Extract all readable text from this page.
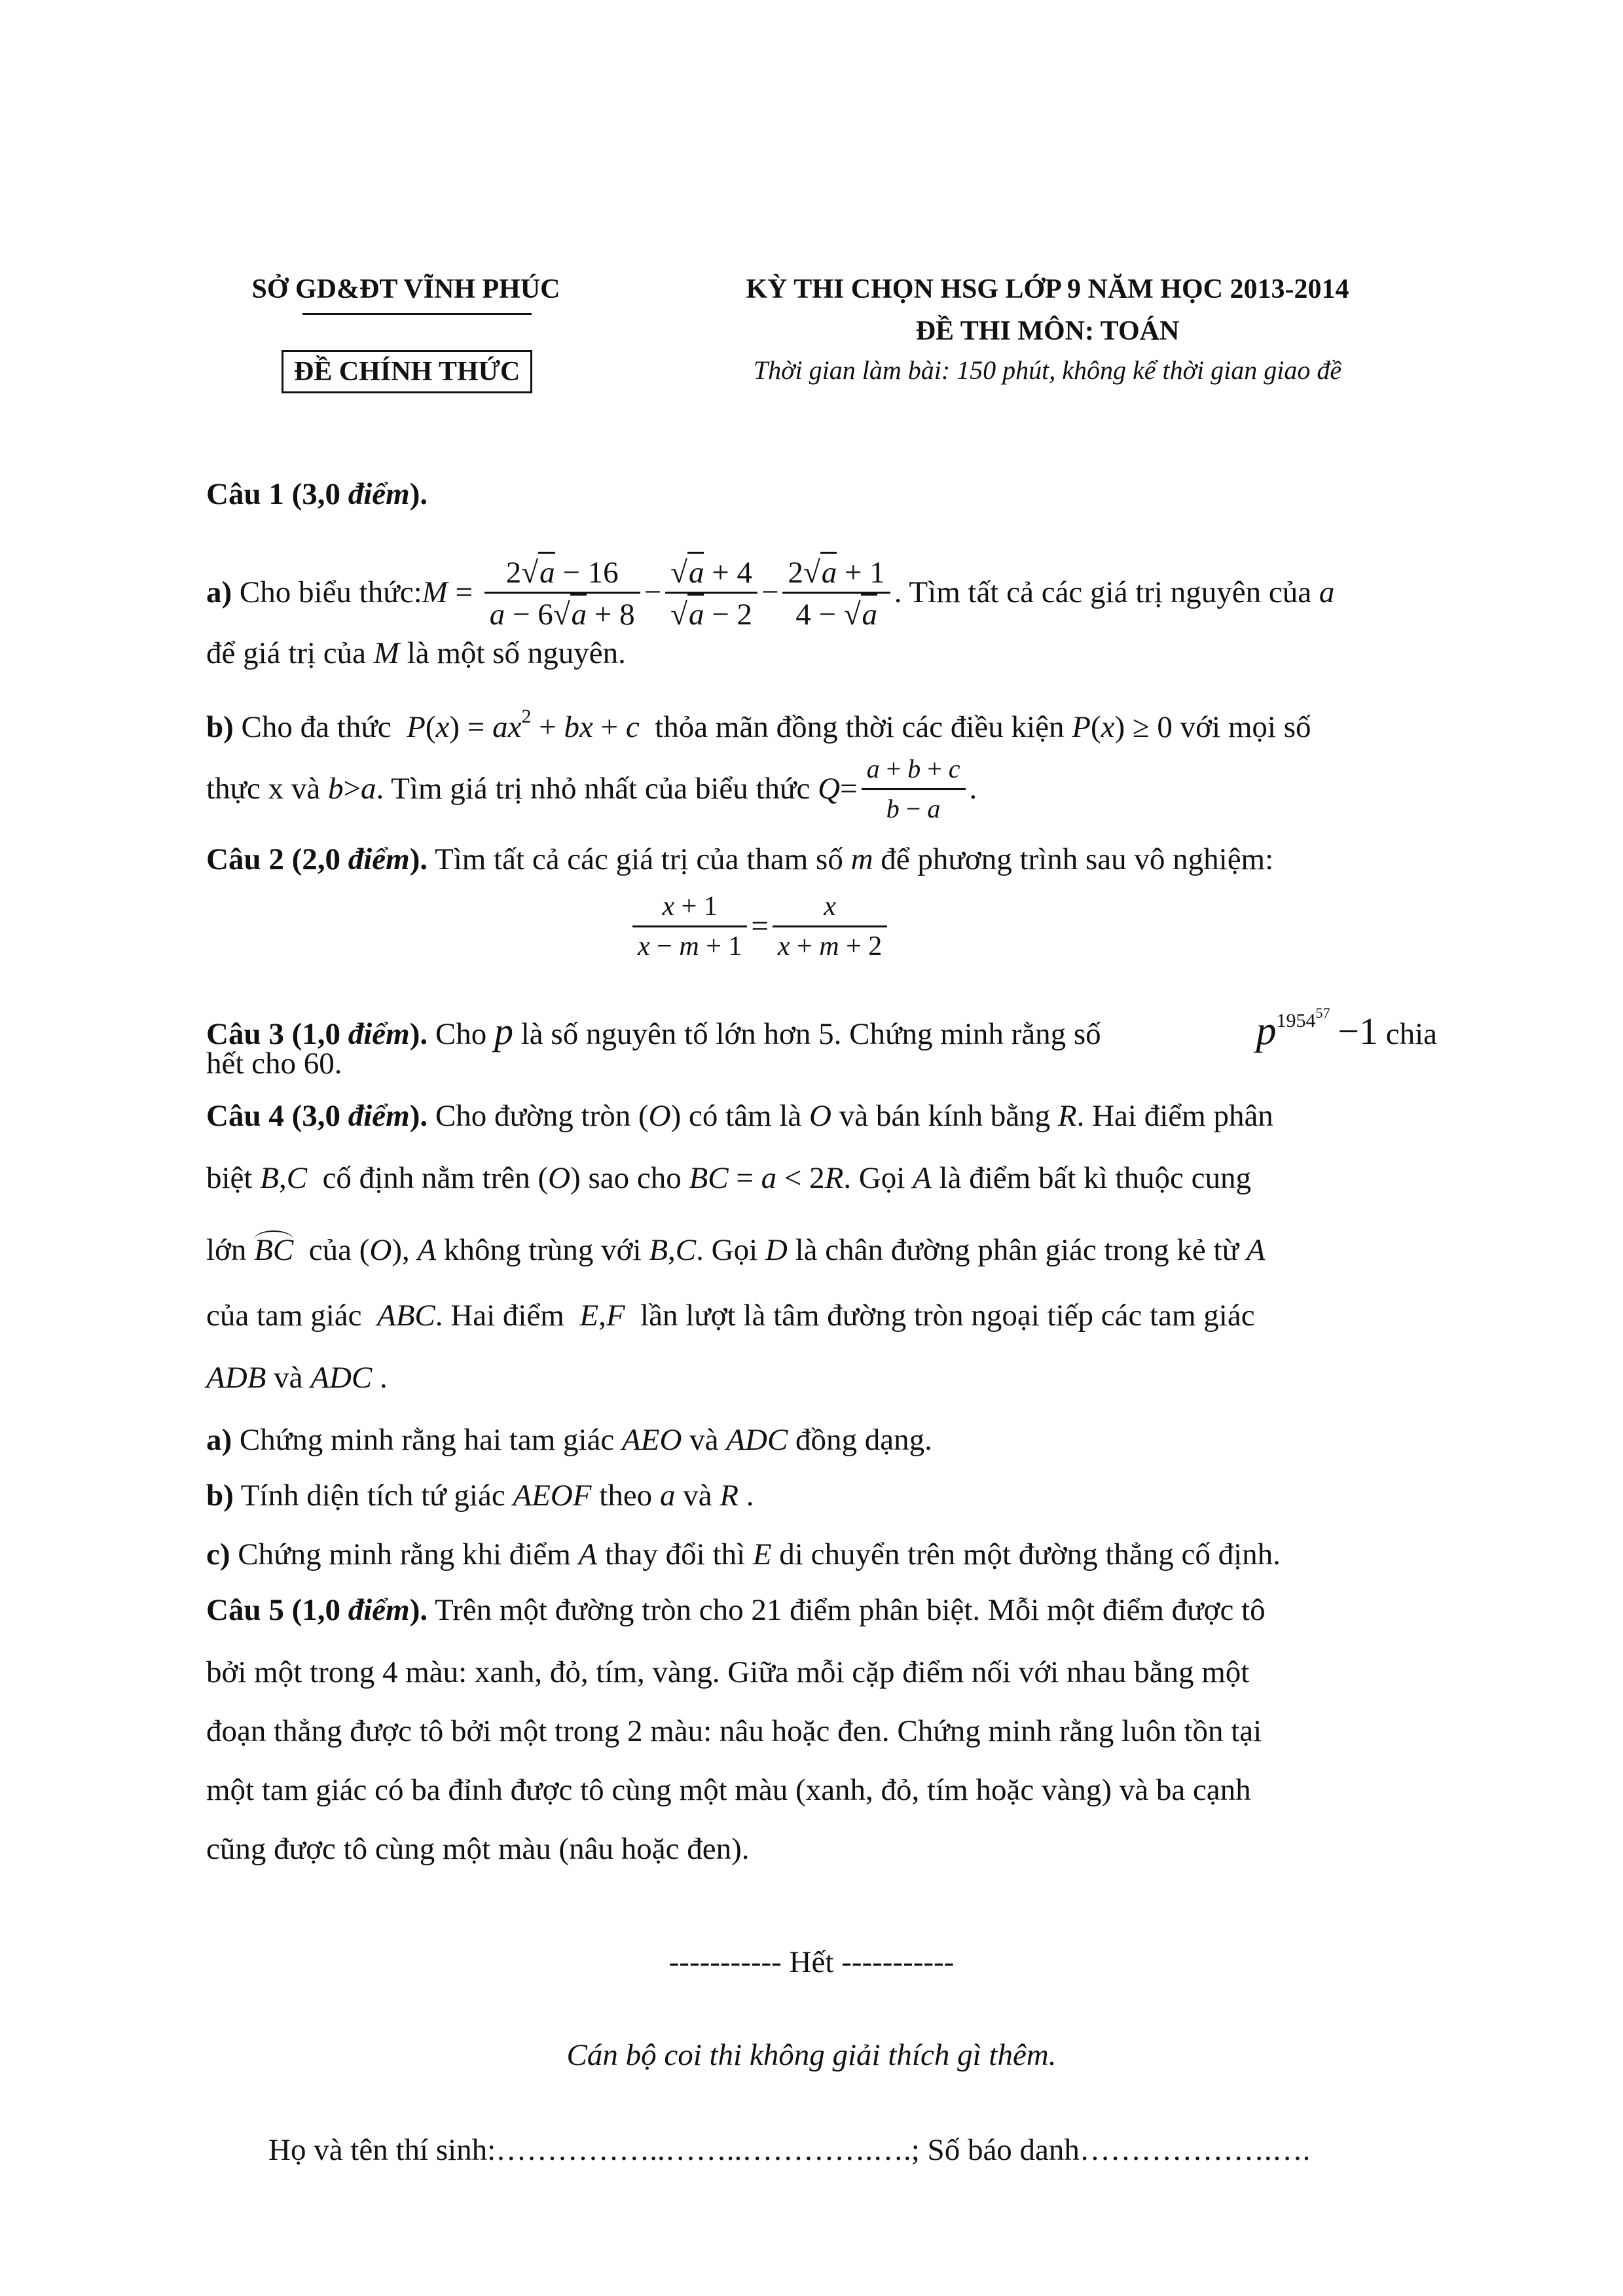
SỞ GD&ĐT VĨNH PHÚC
ĐỀ CHÍNH THỨC
KỲ THI CHỌN HSG LỚP 9 NĂM HỌC 2013-2014
ĐỀ THI MÔN: TOÁN
Thời gian làm bài: 150 phút, không kể thời gian giao đề
Câu 1 (3,0 điểm).
a)
Cho biểu thức: $M = \frac{2√a - 16}{a - 6√a + 8} - \frac{√a + 4}{√a - 2} - \frac{2√a + 1}{4 - √a}$ . Tìm tất cả các giá trị nguyên của
a
để giá trị của M là một số nguyên.
b) Cho đa thức $P(x) = ax^2$ + bx + c thỏa mãn đồng thời các điều kiện P(x) ≥ 0 với mọi số
thực x và
b > a . Tìm giá trị nhỏ nhất của biểu thức
$Q = \frac{a + b + c}{b - a}$ .
Câu 2 (2,0 điểm). Tìm tất cả các giá trị của tham số m để phương trình sau vô nghiệm:
$\frac{x + 1}{x - m + 1} = \frac{x}{x + m + 2}$
Câu 3 (1,0 điểm). Cho p là số nguyên tố lớn hơn 5. Chứng minh rằng số	$p^{1954^{57}} -1$ chia
hết cho 60.
Câu 4 (3,0 điểm). Cho đường tròn (O) có tâm là O và bán kính bằng R. Hai điểm phân
biệt B,C cố định nằm trên (O) sao cho BC = a < 2R. Gọi A là điểm bất kì thuộc cung
lớn BC của (O), A không trùng với B,C. Gọi D là chân đường phân giác trong kẻ từ A
của tam giác ABC. Hai điểm E,F lần lượt là tâm đường tròn ngoại tiếp các tam giác
ADB và ADC .
a) Chứng minh rằng hai tam giác AEO và ADC đồng dạng.
b) Tính diện tích tứ giác AEOF theo a và R .
c) Chứng minh rằng khi điểm A thay đổi thì E di chuyển trên một đường thẳng cố định.
Câu 5 (1,0 điểm). Trên một đường tròn cho 21 điểm phân biệt. Mỗi một điểm được tô
bởi một trong 4 màu: xanh, đỏ, tím, vàng. Giữa mỗi cặp điểm nối với nhau bằng một
đoạn thẳng được tô bởi một trong 2 màu: nâu hoặc đen. Chứng minh rằng luôn tồn tại
một tam giác có ba đỉnh được tô cùng một màu (xanh, đỏ, tím hoặc vàng) và ba cạnh
cũng được tô cùng một màu (nâu hoặc đen).
----------- Hết -----------
Cán bộ coi thi không giải thích gì thêm.
Họ và tên thí sinh:……………..……..………….….; Số báo danh……………….….
